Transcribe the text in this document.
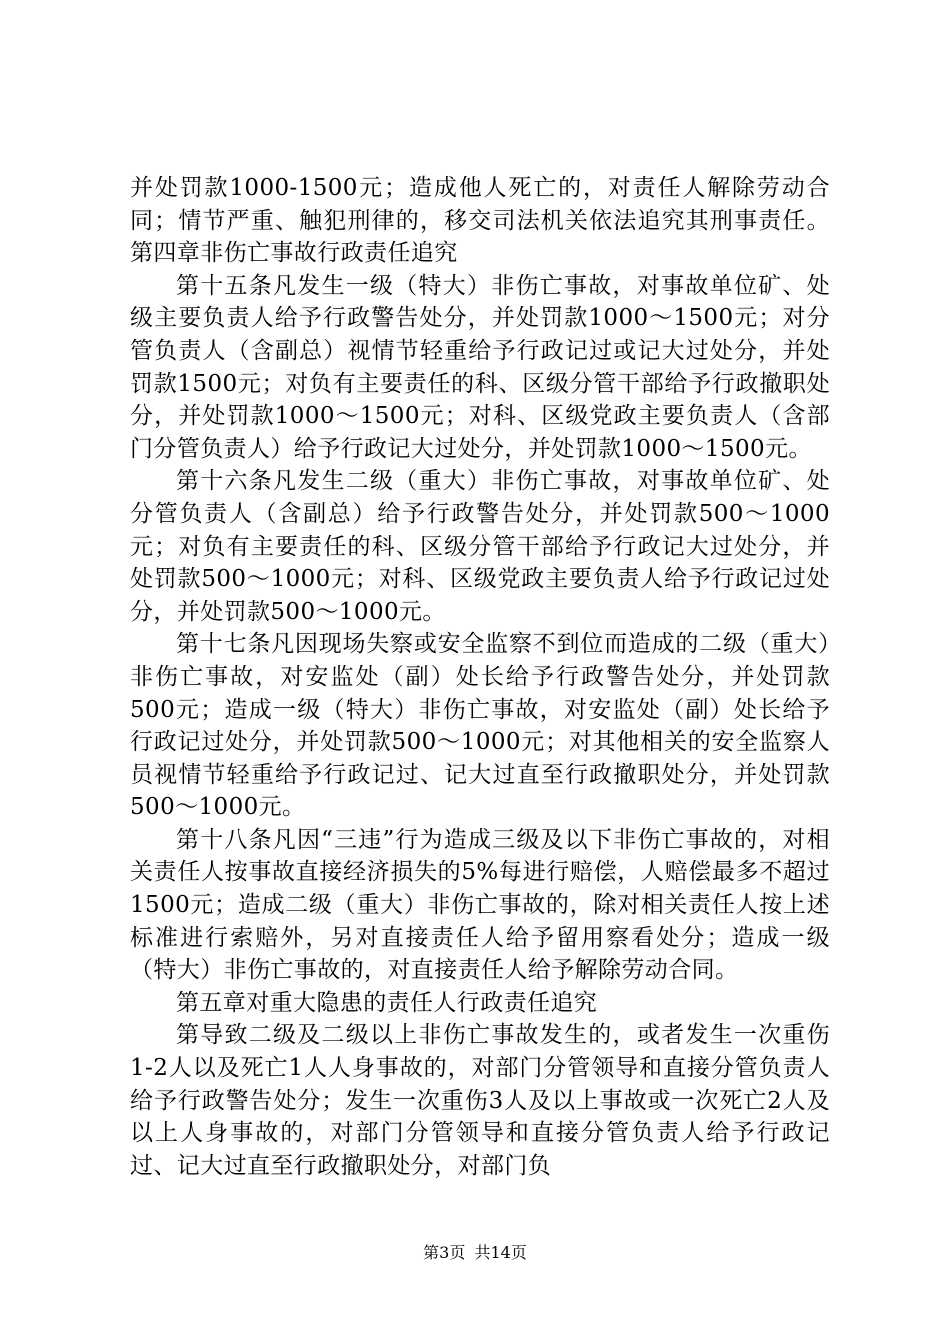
并处罚款1000-1500元；造成他人死亡的，对责任人解除劳动合同；情节严重、触犯刑律的，移交司法机关依法追究其刑事责任。第四章非伤亡事故行政责任追究

第十五条凡发生一级（特大）非伤亡事故，对事故单位矿、处级主要负责人给予行政警告处分，并处罚款1000～1500元；对分管负责人（含副总）视情节轻重给予行政记过或记大过处分，并处罚款1500元；对负有主要责任的科、区级分管干部给予行政撤职处分，并处罚款1000～1500元；对科、区级党政主要负责人（含部门分管负责人）给予行政记大过处分，并处罚款1000～1500元。

第十六条凡发生二级（重大）非伤亡事故，对事故单位矿、处分管负责人（含副总）给予行政警告处分，并处罚款500～1000元；对负有主要责任的科、区级分管干部给予行政记大过处分，并处罚款500～1000元；对科、区级党政主要负责人给予行政记过处分，并处罚款500～1000元。

第十七条凡因现场失察或安全监察不到位而造成的二级（重大）非伤亡事故，对安监处（副）处长给予行政警告处分，并处罚款500元；造成一级（特大）非伤亡事故，对安监处（副）处长给予行政记过处分，并处罚款500～1000元；对其他相关的安全监察人员视情节轻重给予行政记过、记大过直至行政撤职处分，并处罚款500～1000元。

第十八条凡因“三违”行为造成三级及以下非伤亡事故的，对相关责任人按事故直接经济损失的5%每进行赔偿，人赔偿最多不超过1500元；造成二级（重大）非伤亡事故的，除对相关责任人按上述标准进行索赔外，另对直接责任人给予留用察看处分；造成一级（特大）非伤亡事故的，对直接责任人给予解除劳动合同。

第五章对重大隐患的责任人行政责任追究

第导致二级及二级以上非伤亡事故发生的，或者发生一次重伤1-2人以及死亡1人人身事故的，对部门分管领导和直接分管负责人给予行政警告处分；发生一次重伤3人及以上事故或一次死亡2人及以上人身事故的，对部门分管领导和直接分管负责人给予行政记过、记大过直至行政撤职处分，对部门负

第3页 共14页
